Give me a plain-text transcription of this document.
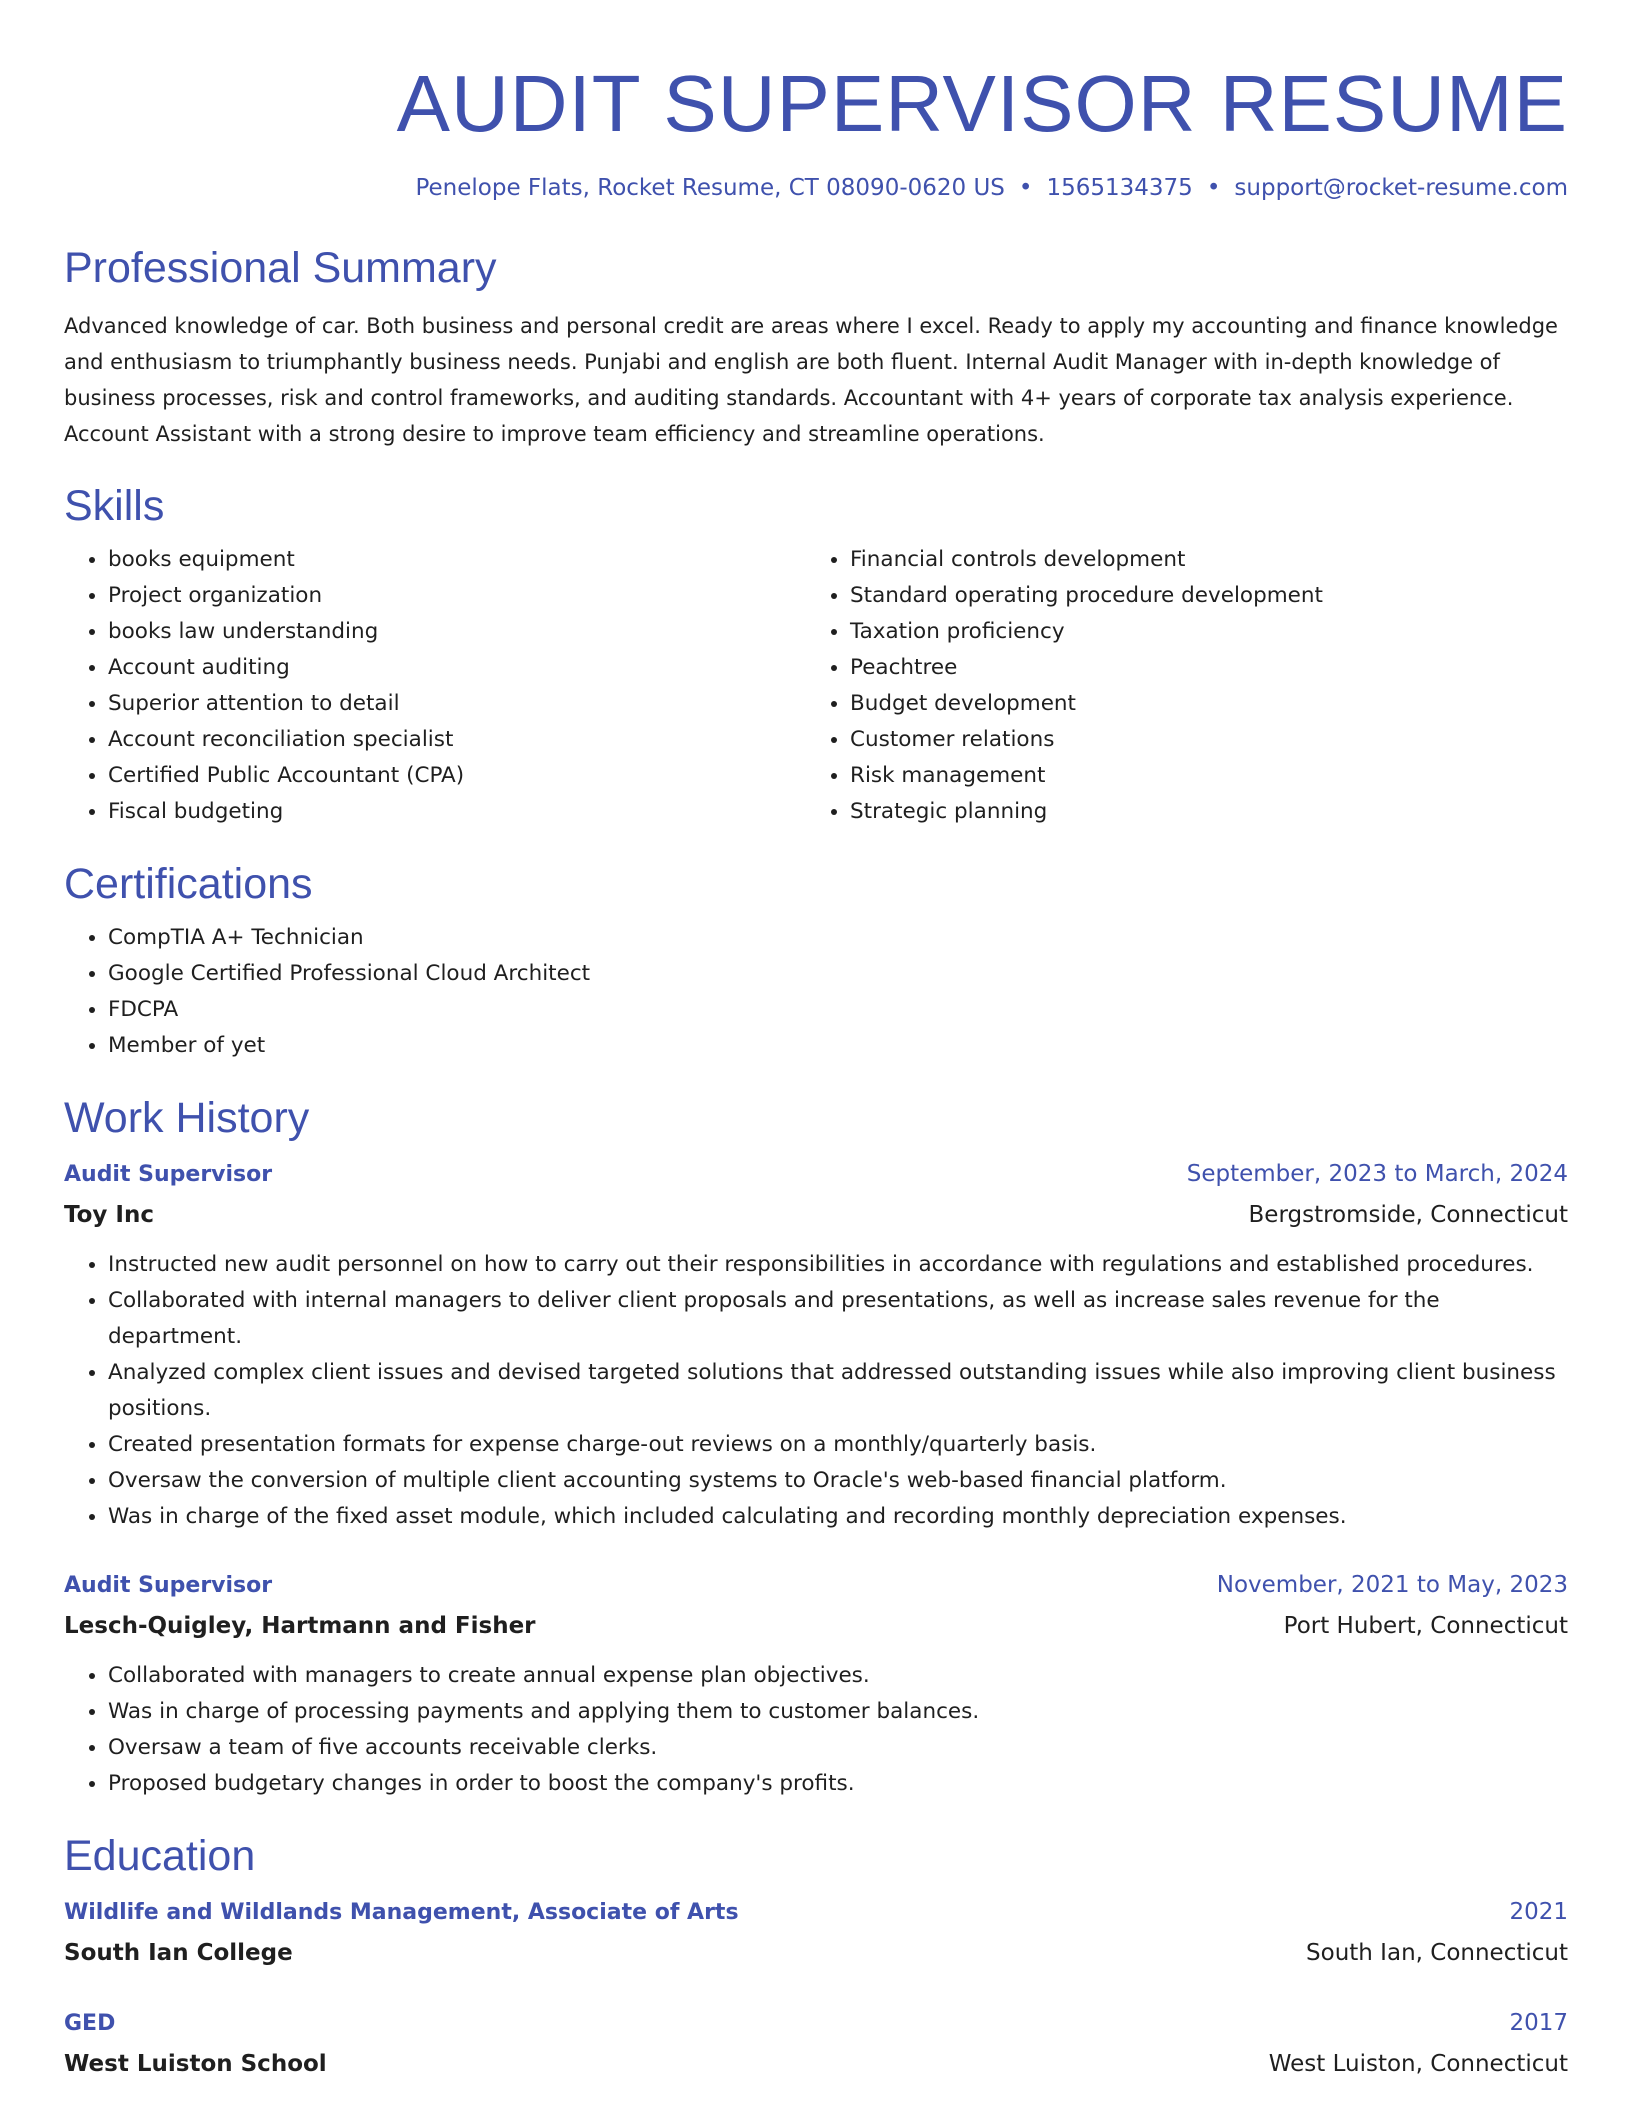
AUDIT SUPERVISOR RESUME
Penelope Flats, Rocket Resume, CT 08090-0620 US • 1565134375 • support@rocket-resume.com
Professional Summary

Advanced knowledge of car. Both business and personal credit are areas where I excel. Ready to apply my accounting and finance knowledge and enthusiasm to triumphantly business needs. Punjabi and english are both fluent. Internal Audit Manager with in-depth knowledge of business processes, risk and control frameworks, and auditing standards. Accountant with 4+ years of corporate tax analysis experience. Account Assistant with a strong desire to improve team efficiency and streamline operations.

Skills
• books equipment
• Project organization
• books law understanding
• Account auditing
• Superior attention to detail
• Account reconciliation specialist
• Certified Public Accountant (CPA)
• Fiscal budgeting
• Financial controls development
• Standard operating procedure development
• Taxation proficiency
• Peachtree
• Budget development
• Customer relations
• Risk management
• Strategic planning
Certifications
• CompTIA A+ Technician
• Google Certified Professional Cloud Architect
• FDCPA
• Member of yet
Work History
Audit Supervisor	September, 2023 to March, 2024
Toy Inc	Bergstromside, Connecticut
• Instructed new audit personnel on how to carry out their responsibilities in accordance with regulations and established procedures.
• Collaborated with internal managers to deliver client proposals and presentations, as well as increase sales revenue for the department.
• Analyzed complex client issues and devised targeted solutions that addressed outstanding issues while also improving client business positions.
• Created presentation formats for expense charge-out reviews on a monthly/quarterly basis.
• Oversaw the conversion of multiple client accounting systems to Oracle's web-based financial platform.
• Was in charge of the fixed asset module, which included calculating and recording monthly depreciation expenses.
Audit Supervisor	November, 2021 to May, 2023
Lesch-Quigley, Hartmann and Fisher	Port Hubert, Connecticut
• Collaborated with managers to create annual expense plan objectives.
• Was in charge of processing payments and applying them to customer balances.
• Oversaw a team of five accounts receivable clerks.
• Proposed budgetary changes in order to boost the company's profits.
Education
Wildlife and Wildlands Management, Associate of Arts	2021
South Ian College	South Ian, Connecticut
GED	2017
West Luiston School	West Luiston, Connecticut
